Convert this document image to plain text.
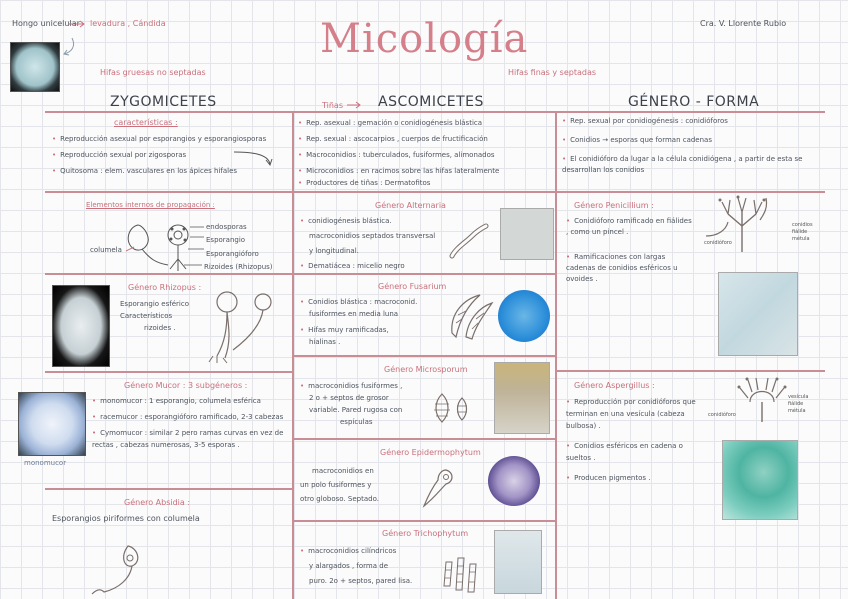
Hongo unicelular levadura , Cándida	Micología	Cra. V. Llorente Rubio
Hifas gruesas no septadas	Hifas finas y septadas
ZYGOMICETES	Tiñas ASCOMICETES	GÉNERO - FORMA
características :
• Reproducción asexual por esporangios y esporangiosporas
• Reproducción sexual por zigosporas
• Quitosoma : elem. vasculares en los ápices hifales
Elementos internos de propagación :
endosporas
Esporangio
Esporangióforo
Rizoides (Rhizopus)
columela
Género Rhizopus :
Esporangio esférico
Característicos
rizoides .
Género Mucor : 3 subgéneros :
monomucor
• monomucor : 1 esporangio, columela esférica
• racemucor : esporangióforo ramificado, 2-3 cabezas
• Cymomucor : similar 2 pero ramas curvas en vez de rectas , cabezas numerosas, 3-5 esporas .
Género Absidia :
Esporangios piriformes con columela
• Rep. asexual : gemación o conidiogénesis blástica
• Rep. sexual : ascocarpios , cuerpos de fructificación
• Macroconidios : tuberculados, fusiformes, alimonados
• Microconidios : en racimos sobre las hifas lateralmente
• Productores de tiñas : Dermatofitos
Género Alternaria
• conidiogénesis blástica.
macroconidios septados transversal
y longitudinal.
• Dematiácea : micelio negro
Género Fusarium
• Conidios blástica : macroconid.
fusiformes en media luna
• Hifas muy ramificadas,
hialinas .
Género Microsporum
• macroconidios fusiformes ,
2 o + septos de grosor
variable. Pared rugosa con
espículas
Género Epidermophytum
macroconidios en
un polo fusiformes y
otro globoso. Septado.
Género Trichophytum
• macroconidios cilíndricos
y alargados , forma de
puro. 2o + septos, pared lisa.
• Rep. sexual por conidiogénesis : conidióforos
• Conidios → esporas que forman cadenas
• El conidióforo da lugar a la célula conidiógena , a partir de esta se desarrollan los conidios
Género Penicillium :
• Conidióforo ramificado en fiálides , como un pincel .
• Ramificaciones con largas cadenas de conidios esféricos u ovoides .
conidios
fiálide
métula
conidióforo
Género Aspergillus :
• Reproducción por conidióforos que terminan en una vesícula (cabeza bulbosa) .
• Conidios esféricos en cadena o sueltos .
• Producen pigmentos .
vesícula
fiálide
métula
conidióforo
